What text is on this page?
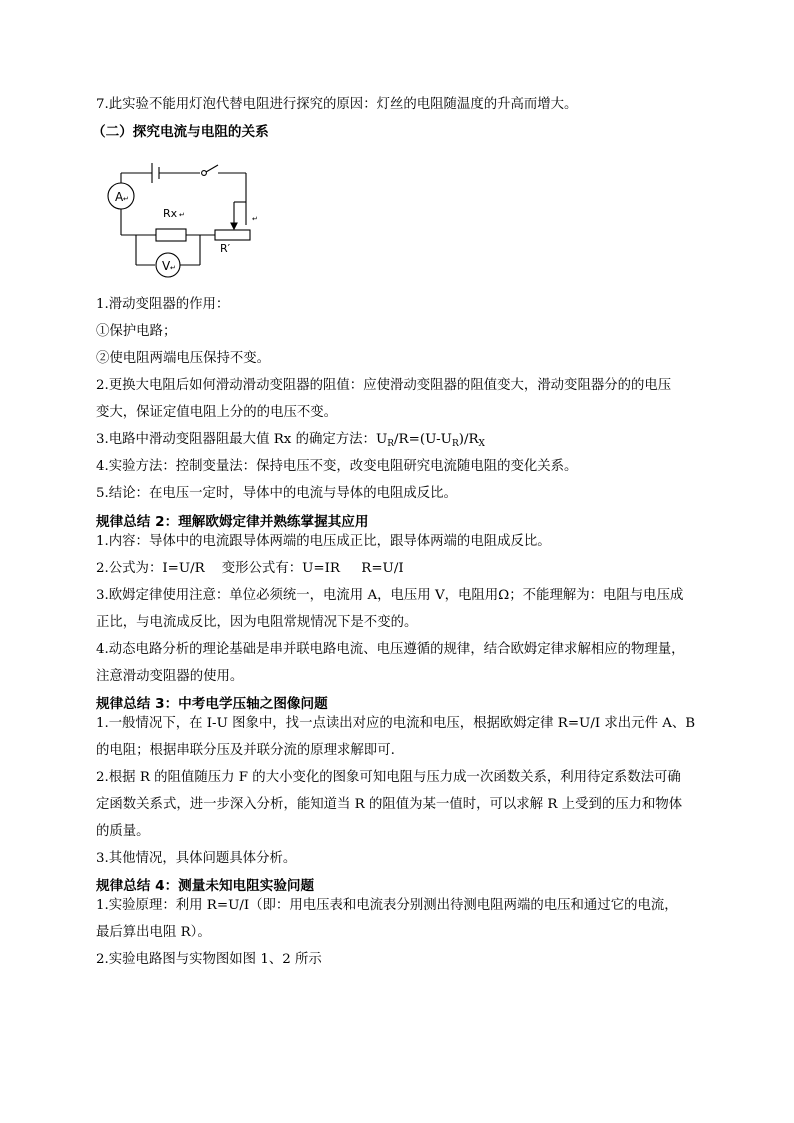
7.此实验不能用灯泡代替电阻进行探究的原因：灯丝的电阻随温度的升高而增大。
（二）探究电流与电阻的关系
A ↵
Rx ↵
R′
V ↵
↵
1.滑动变阻器的作用：
①保护电路；
②使电阻两端电压保持不变。
2.更换大电阻后如何滑动滑动变阻器的阻值：应使滑动变阻器的阻值变大，滑动变阻器分的的电压
变大，保证定值电阻上分的的电压不变。
3.电路中滑动变阻器阻最大值 Rx 的确定方法：$U_R/R=(U-U_R)/R_X$
4.实验方法：控制变量法：保持电压不变，改变电阻研究电流随电阻的变化关系。
5.结论：在电压一定时，导体中的电流与导体的电阻成反比。
规律总结 2：理解欧姆定律并熟练掌握其应用
1.内容：导体中的电流跟导体两端的电压成正比，跟导体两端的电阻成反比。
2.公式为：I=U/R    变形公式有：U=IR     R=U/I
3.欧姆定律使用注意：单位必须统一，电流用 A，电压用 V，电阻用Ω；不能理解为：电阻与电压成
正比，与电流成反比，因为电阻常规情况下是不变的。
4.动态电路分析的理论基础是串并联电路电流、电压遵循的规律，结合欧姆定律求解相应的物理量，
注意滑动变阻器的使用。
规律总结 3：中考电学压轴之图像问题
1.一般情况下，在 I-U 图象中，找一点读出对应的电流和电压，根据欧姆定律 R=U/I 求出元件 A、B
的电阻；根据串联分压及并联分流的原理求解即可.
2.根据 R 的阻值随压力 F 的大小变化的图象可知电阻与压力成一次函数关系，利用待定系数法可确
定函数关系式，进一步深入分析，能知道当 R 的阻值为某一值时，可以求解 R 上受到的压力和物体
的质量。
3.其他情况，具体问题具体分析。
规律总结 4：测量未知电阻实验问题
1.实验原理：利用 R=U/I（即：用电压表和电流表分别测出待测电阻两端的电压和通过它的电流，
最后算出电阻 R）。
2.实验电路图与实物图如图 1、2 所示
